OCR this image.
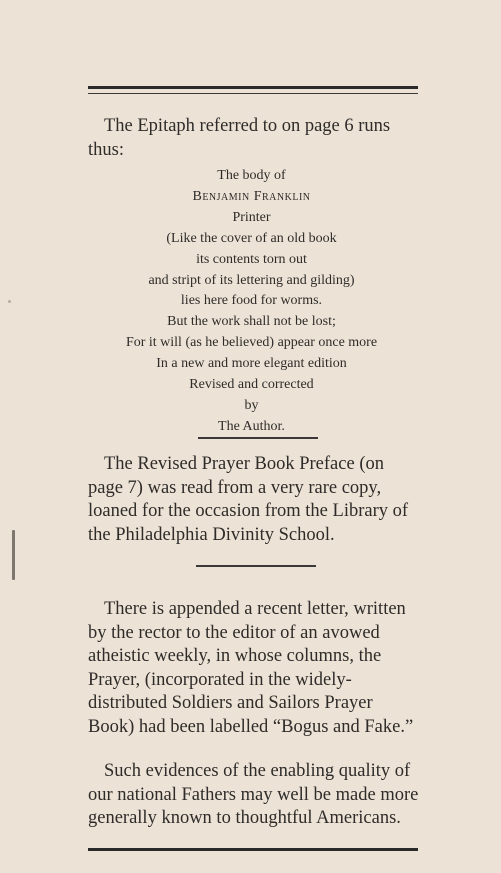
The Epitaph referred to on page 6 runs thus:

The body of
Benjamin Franklin
Printer
(Like the cover of an old book
its contents torn out
and stript of its lettering and gilding)
lies here food for worms.
But the work shall not be lost;
For it will (as he believed) appear once more
In a new and more elegant edition
Revised and corrected
by
The Author.

The Revised Prayer Book Preface (on page 7) was read from a very rare copy, loaned for the occasion from the Library of the Philadelphia Divinity School.

There is appended a recent letter, written by the rector to the editor of an avowed atheistic weekly, in whose columns, the Prayer, (incorporated in the widely-distributed Soldiers and Sailors Prayer Book) had been labelled “Bogus and Fake.”

Such evidences of the enabling quality of our national Fathers may well be made more generally known to thoughtful Americans.
